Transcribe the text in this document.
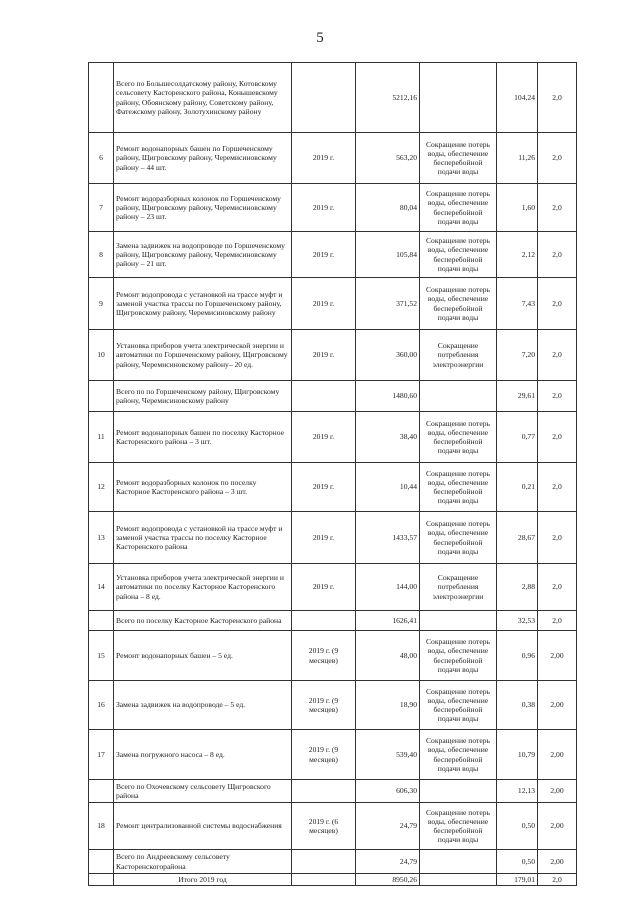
5
	Всего по Большесолдатскому району, Котовскому сельсовету Касторенского района, Конышевскому району, Обоянскому району, Советскому району, Фатежскому району, Золотухинскому району		5212,16		104,24	2,0
6	Ремонт водонапорных башен по Горшеченскому району, Щигровскому району, Черемисиновскому району – 44 шт.	2019 г.	563,20	Сокращение потерь воды, обеспечение бесперебойной подачи воды	11,26	2,0
7	Ремонт водоразборных колонок по Горшеченскому району, Щигровскому району, Черемисиновскому району – 23 шт.	2019 г.	80,04	Сокращение потерь воды, обеспечение бесперебойной подачи воды	1,60	2,0
8	Замена задвижек на водопроводе по Горшеченскому району, Щигровскому району, Черемисиновскому району – 21 шт.	2019 г.	105,84	Сокращение потерь воды, обеспечение бесперебойной подачи воды	2,12	2,0
9	Ремонт водопровода с установкой на трассе муфт и заменой участка трассы по Горшеченскому району, Щигровскому району, Черемисиновскому району	2019 г.	371,52	Сокращение потерь воды, обеспечение бесперебойной подачи воды	7,43	2,0
10	Установка приборов учета электрической энергии и автоматики по Горшеченскому району, Щигровскому району, Черемисиновскому району– 20 ед.	2019 г.	360,00	Сокращение потребления электроэнергии	7,20	2,0
	Всего по по Горшеченскому району, Щигровскому району, Черемисиновскому району		1480,60		29,61	2,0
11	Ремонт водонапорных башен по поселку Касторное Касторенского района – 3 шт.	2019 г.	38,40	Сокращение потерь воды, обеспечение бесперебойной подачи воды	0,77	2,0
12	Ремонт водоразборных колонок по поселку Касторное Касторенского района – 3 шт.	2019 г.	10,44	Сокращение потерь воды, обеспечение бесперебойной подачи воды	0,21	2,0
13	Ремонт водопровода с установкой на трассе муфт и заменой участка трассы по поселку Касторное Касторенского района	2019 г.	1433,57	Сокращение потерь воды, обеспечение бесперебойной подачи воды	28,67	2,0
14	Установка приборов учета электрической энергии и автоматики по поселку Касторное Касторенского района – 8 ед.	2019 г.	144,00	Сокращение потребления электроэнергии	2,88	2,0
	Всего по поселку Касторное Касторенского района		1626,41		32,53	2,0
15	Ремонт водонапорных башен – 5 ед.	2019 г. (9 месяцев)	48,00	Сокращение потерь воды, обеспечение бесперебойной подачи воды	0,96	2,00
16	Замена задвижек на водопроводе – 5 ед.	2019 г. (9 месяцев)	18,90	Сокращение потерь воды, обеспечение бесперебойной подачи воды	0,38	2,00
17	Замена погружного насоса – 8 ед.	2019 г. (9 месяцев)	539,40	Сокращение потерь воды, обеспечение бесперебойной подачи воды	10,79	2,00
	Всего по Охочевскому сельсовету Щигровского района		606,30		12,13	2,00
18	Ремонт централизованной системы водоснабжения	2019 г. (6 месяцев)	24,79	Сокращение потерь воды, обеспечение бесперебойной подачи воды	0,50	2,00
	Всего по Андреевскому сельсовету Касторенскогорайона		24,79		0,50	2,00
	Итого 2019 год		8950,26		179,01	2,0
